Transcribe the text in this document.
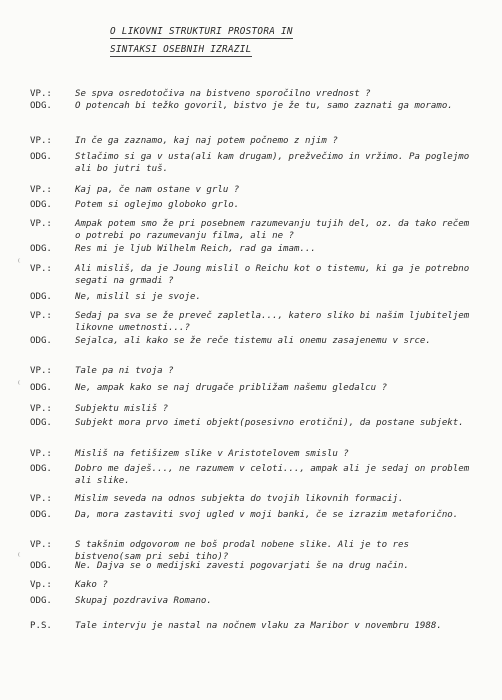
O LIKOVNI STRUKTURI PROSTORA IN
SINTAKSI OSEBNIH IZRAZIL
VP.:	Se spva osredotočiva na bistveno sporočilno vrednost ?
ODG.	O potencah bi težko govoril, bistvo je že tu, samo zaznati ga moramo.
VP.:	In če ga zaznamo, kaj naj potem počnemo z njim ?
ODG.	Stlačimo si ga v usta(ali kam drugam), prežvečimo in vržimo. Pa poglejmo ali bo jutri tuš.
VP.:	Kaj pa, če nam ostane v grlu ?
ODG.	Potem si oglejmo globoko grlo.
VP.:	Ampak potem smo že pri posebnem razumevanju tujih del, oz. da tako rečem o potrebi po razumevanju filma, ali ne ?
ODG.	Res mi je ljub Wilhelm Reich, rad ga imam...
VP.:	Ali misliš, da je Joung mislil o Reichu kot o tistemu, ki ga je potrebno segati na grmadi ?
ODG.	Ne, mislil si je svoje.
VP.:	Sedaj pa sva se že preveč zapletla..., katero sliko bi našim ljubiteljem likovne umetnosti...?
ODG.	Sejalca, ali kako se že reče tistemu ali onemu zasajenemu v srce.
VP.:	Tale pa ni tvoja ?
ODG.	Ne, ampak kako se naj drugače približam našemu gledalcu ?
VP.:	Subjektu misliš ?
ODG.	Subjekt mora prvo imeti objekt(posesivno erotični), da postane subjekt.
VP.:	Misliš na fetišizem slike v Aristotelovem smislu ?
ODG.	Dobro me daješ..., ne razumem v celoti..., ampak ali je sedaj on problem ali slike.
VP.:	Mislim seveda na odnos subjekta do tvojih likovnih formacij.
ODG.	Da, mora zastaviti svoj ugled v moji banki, če se izrazim metaforično.
VP.:	S takšnim odgovorom ne boš prodal nobene slike. Ali je to res bistveno(sam pri sebi tiho)?
ODG.	Ne. Dajva se o medijski zavesti pogovarjati še na drug način.
Vp.:	Kako ?
ODG.	Skupaj pozdraviva Romano.
P.S.	Tale intervju je nastal na nočnem vlaku za Maribor v novembru 1988.
